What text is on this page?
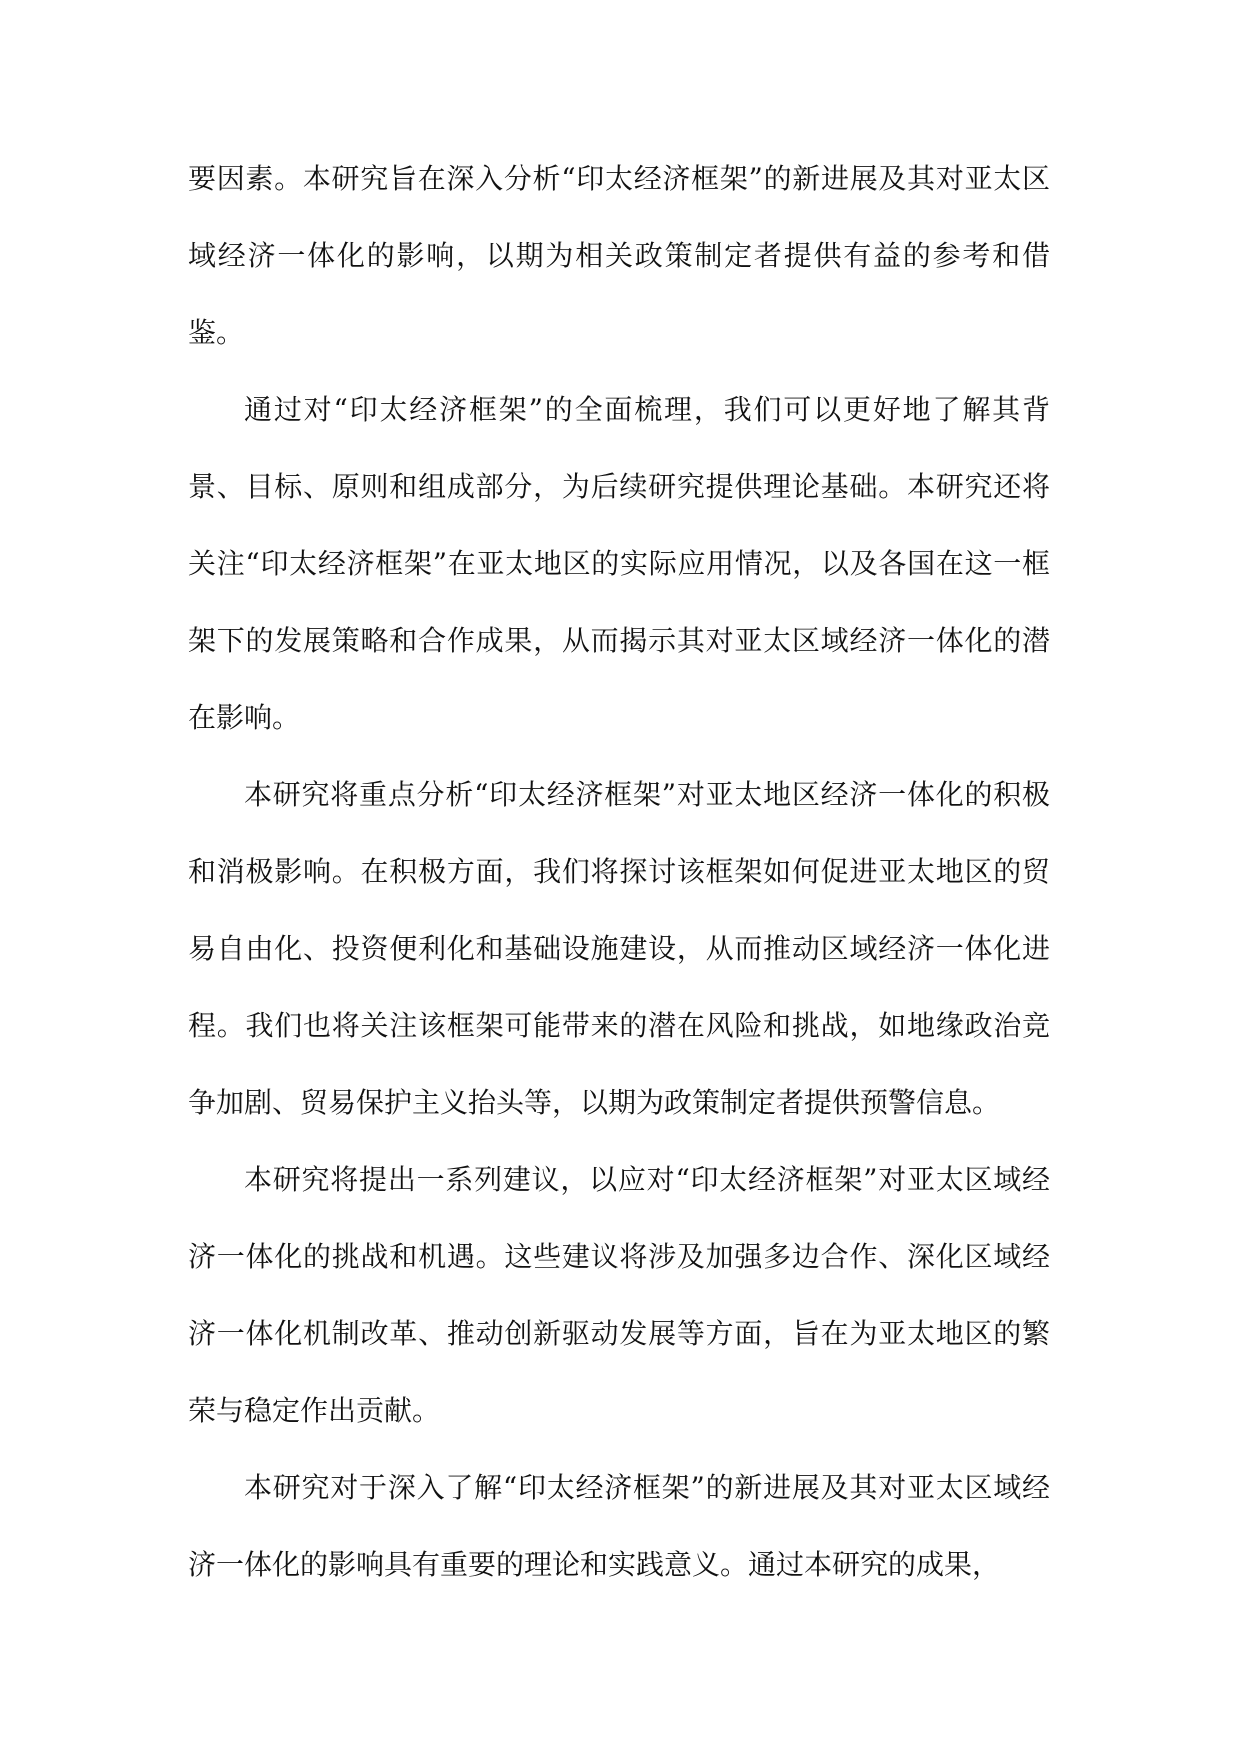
要因素。本研究旨在深入分析“印太经济框架”的新进展及其对亚太区域经济一体化的影响，以期为相关政策制定者提供有益的参考和借鉴。

通过对“印太经济框架”的全面梳理，我们可以更好地了解其背景、目标、原则和组成部分，为后续研究提供理论基础。本研究还将关注“印太经济框架”在亚太地区的实际应用情况，以及各国在这一框架下的发展策略和合作成果，从而揭示其对亚太区域经济一体化的潜在影响。

本研究将重点分析“印太经济框架”对亚太地区经济一体化的积极和消极影响。在积极方面，我们将探讨该框架如何促进亚太地区的贸易自由化、投资便利化和基础设施建设，从而推动区域经济一体化进程。我们也将关注该框架可能带来的潜在风险和挑战，如地缘政治竞争加剧、贸易保护主义抬头等，以期为政策制定者提供预警信息。

本研究将提出一系列建议，以应对“印太经济框架”对亚太区域经济一体化的挑战和机遇。这些建议将涉及加强多边合作、深化区域经济一体化机制改革、推动创新驱动发展等方面，旨在为亚太地区的繁荣与稳定作出贡献。

本研究对于深入了解“印太经济框架”的新进展及其对亚太区域经济一体化的影响具有重要的理论和实践意义。通过本研究的成果，
